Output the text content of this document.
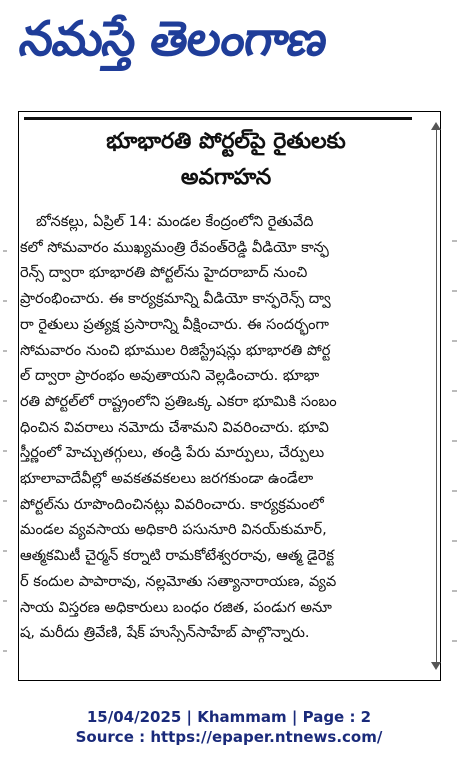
నమస్తే తెలంగాణ
భూభారతి పోర్టల్‌పై రైతులకు
అవగాహన
బోనకల్లు, ఏప్రిల్ 14: మండల కేంద్రంలోని రైతువేది
కలో సోమవారం ముఖ్యమంత్రి రేవంత్‌రెడ్డి వీడియో కాన్ఫ
రెన్స్ ద్వారా భూభారతి పోర్టల్‌ను హైదరాబాద్ నుంచి
ప్రారంభించారు. ఈ కార్యక్రమాన్ని వీడియో కాన్ఫరెన్స్ ద్వా
రా రైతులు ప్రత్యక్ష ప్రసారాన్ని వీక్షించారు. ఈ సందర్భంగా
సోమవారం నుంచి భూముల రిజిస్ట్రేషన్లు భూభారతి పోర్ట
ల్ ద్వారా ప్రారంభం అవుతాయని వెల్లడించారు. భూభా
రతి పోర్టల్‌లో రాష్ట్రంలోని ప్రతిఒక్క ఎకరా భూమికి సంబం
ధించిన వివరాలు నమోదు చేశామని వివరించారు. భూవి
స్తీర్ణంలో హెచ్చుతగ్గులు, తండ్రి పేరు మార్పులు, చేర్పులు
భూలావాదేవీల్లో అవకతవకలలు జరగకుండా ఉండేలా
పోర్టల్‌ను రూపొందించినట్లు వివరించారు. కార్యక్రమంలో
మండల వ్యవసాయ అధికారి పసునూరి వినయ్‌కుమార్,
ఆత్మకమిటీ చైర్మన్ కర్నాటి రామకోటేశ్వరరావు, ఆత్మ డైరెక్ట
ర్ కందుల పాపారావు, నల్లమోతు సత్యానారాయణ, వ్యవ
సాయ విస్తరణ అధికారులు బంధం రజిత, పండుగ అనూ
ష, మరీదు త్రివేణి, షేక్ హుస్సేన్‌సాహేబ్ పాల్గొన్నారు.
15/04/2025 | Khammam | Page : 2
Source : https://epaper.ntnews.com/
